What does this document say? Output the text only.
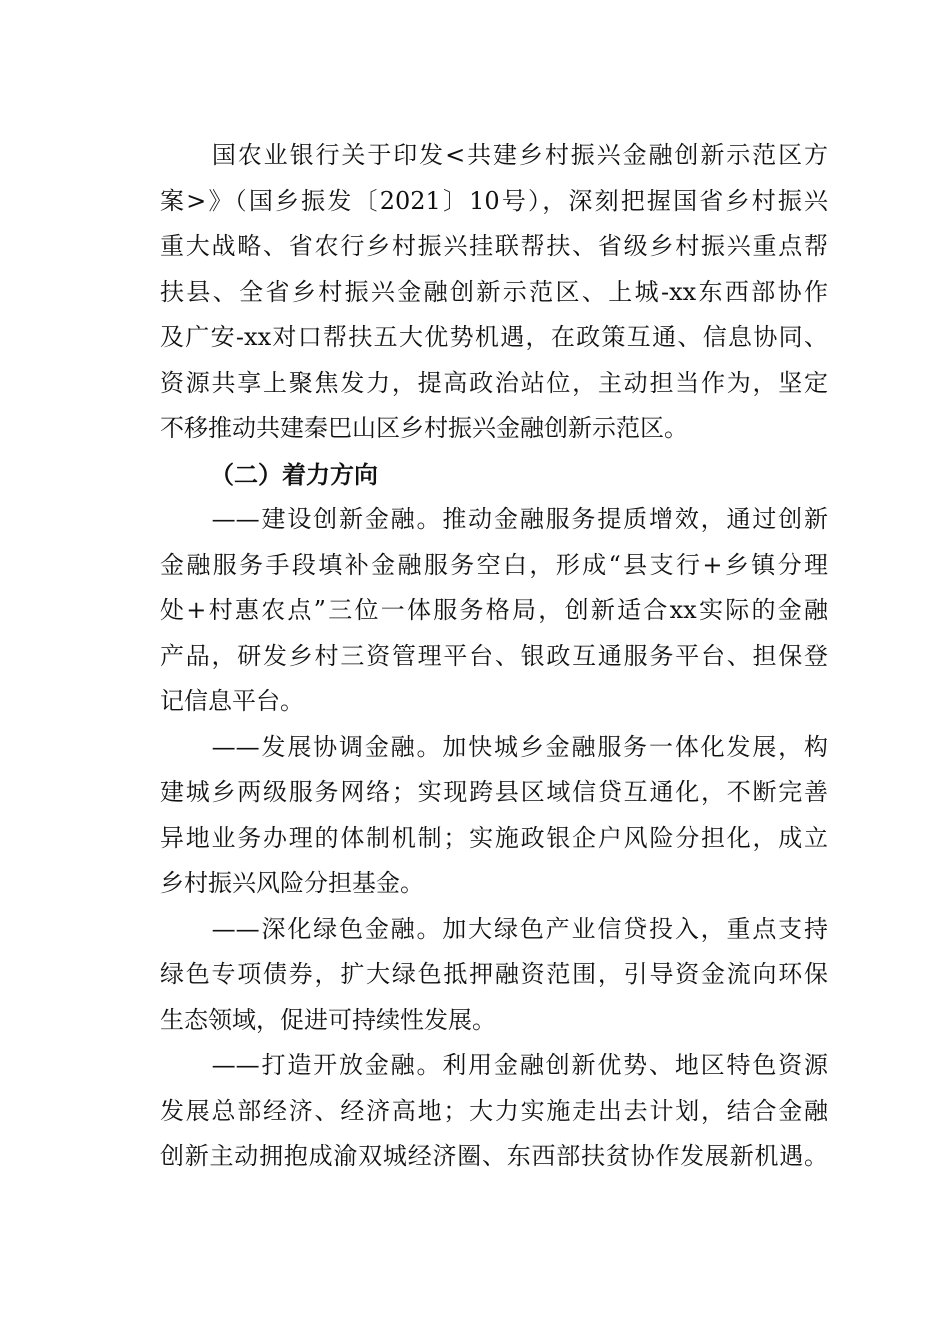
　　国农业银行关于印发<共建乡村振兴金融创新示范区方
案>》（国乡振发〔2021〕10号），深刻把握国省乡村振兴
重大战略、省农行乡村振兴挂联帮扶、省级乡村振兴重点帮
扶县、全省乡村振兴金融创新示范区、上城-xx东西部协作
及广安-xx对口帮扶五大优势机遇，在政策互通、信息协同、
资源共享上聚焦发力，提高政治站位，主动担当作为，坚定
不移推动共建秦巴山区乡村振兴金融创新示范区。
（二）着力方向
　　——建设创新金融。推动金融服务提质增效，通过创新
金融服务手段填补金融服务空白，形成“县支行+乡镇分理
处+村惠农点”三位一体服务格局，创新适合xx实际的金融
产品，研发乡村三资管理平台、银政互通服务平台、担保登
记信息平台。
　　——发展协调金融。加快城乡金融服务一体化发展，构
建城乡两级服务网络；实现跨县区域信贷互通化，不断完善
异地业务办理的体制机制；实施政银企户风险分担化，成立
乡村振兴风险分担基金。
　　——深化绿色金融。加大绿色产业信贷投入，重点支持
绿色专项债券，扩大绿色抵押融资范围，引导资金流向环保
生态领域，促进可持续性发展。
　　——打造开放金融。利用金融创新优势、地区特色资源
发展总部经济、经济高地；大力实施走出去计划，结合金融
创新主动拥抱成渝双城经济圈、东西部扶贫协作发展新机遇。
